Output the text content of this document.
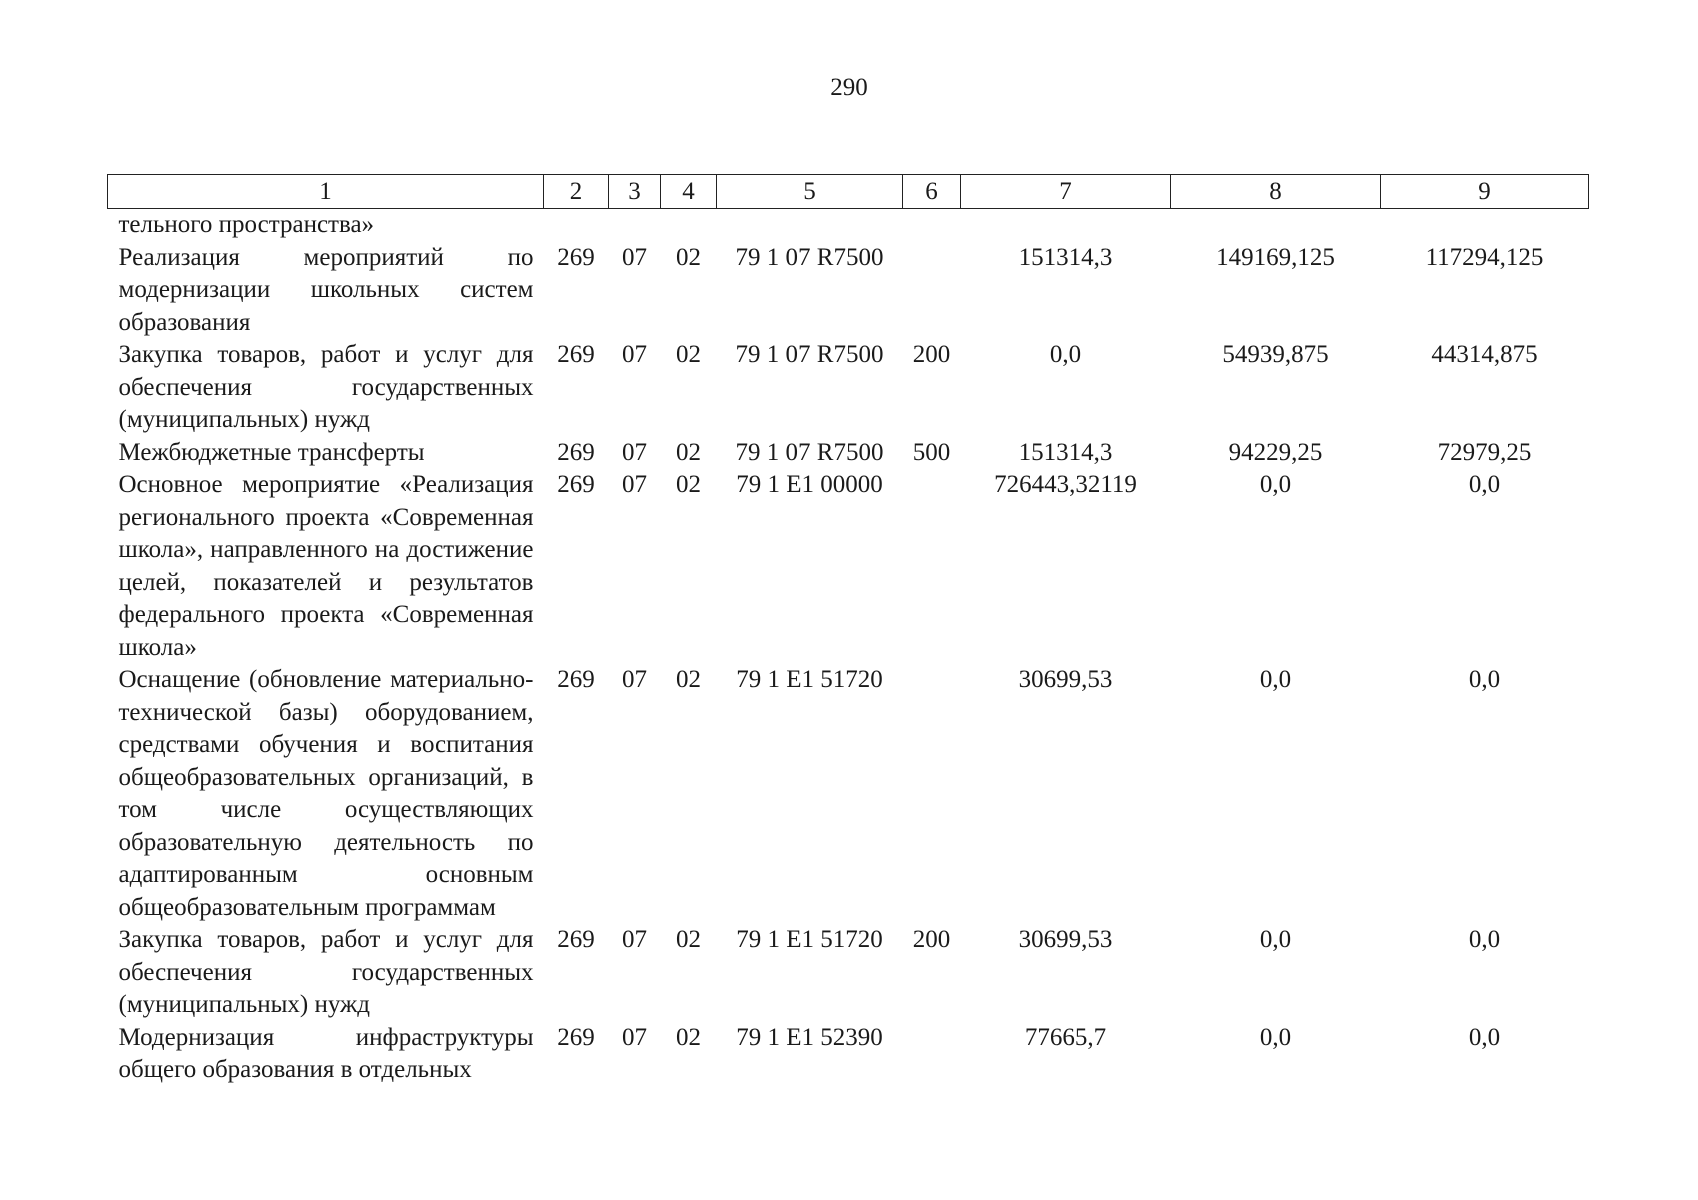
290
1	2	3	4	5	6	7	8	9
тельного пространства»								
Реализация мероприятий по модернизации школьных систем образования	269	07	02	79 1 07 R7500		151314,3	149169,125	117294,125
Закупка товаров, работ и услуг для обеспечения государственных (муниципальных) нужд	269	07	02	79 1 07 R7500	200	0,0	54939,875	44314,875
Межбюджетные трансферты	269	07	02	79 1 07 R7500	500	151314,3	94229,25	72979,25
Основное мероприятие «Реализация регионального проекта «Современная школа», направленного на достижение целей, показателей и результатов федерального проекта «Современная школа»	269	07	02	79 1 E1 00000		726443,32119	0,0	0,0
Оснащение (обновление материально-технической базы) оборудованием, средствами обучения и воспитания общеобразовательных организаций, в том числе осуществляющих образовательную деятельность по адаптированным основным общеобразовательным программам	269	07	02	79 1 E1 51720		30699,53	0,0	0,0
Закупка товаров, работ и услуг для обеспечения государственных (муниципальных) нужд	269	07	02	79 1 E1 51720	200	30699,53	0,0	0,0
Модернизация инфраструктуры общего образования в отдельных	269	07	02	79 1 E1 52390		77665,7	0,0	0,0
